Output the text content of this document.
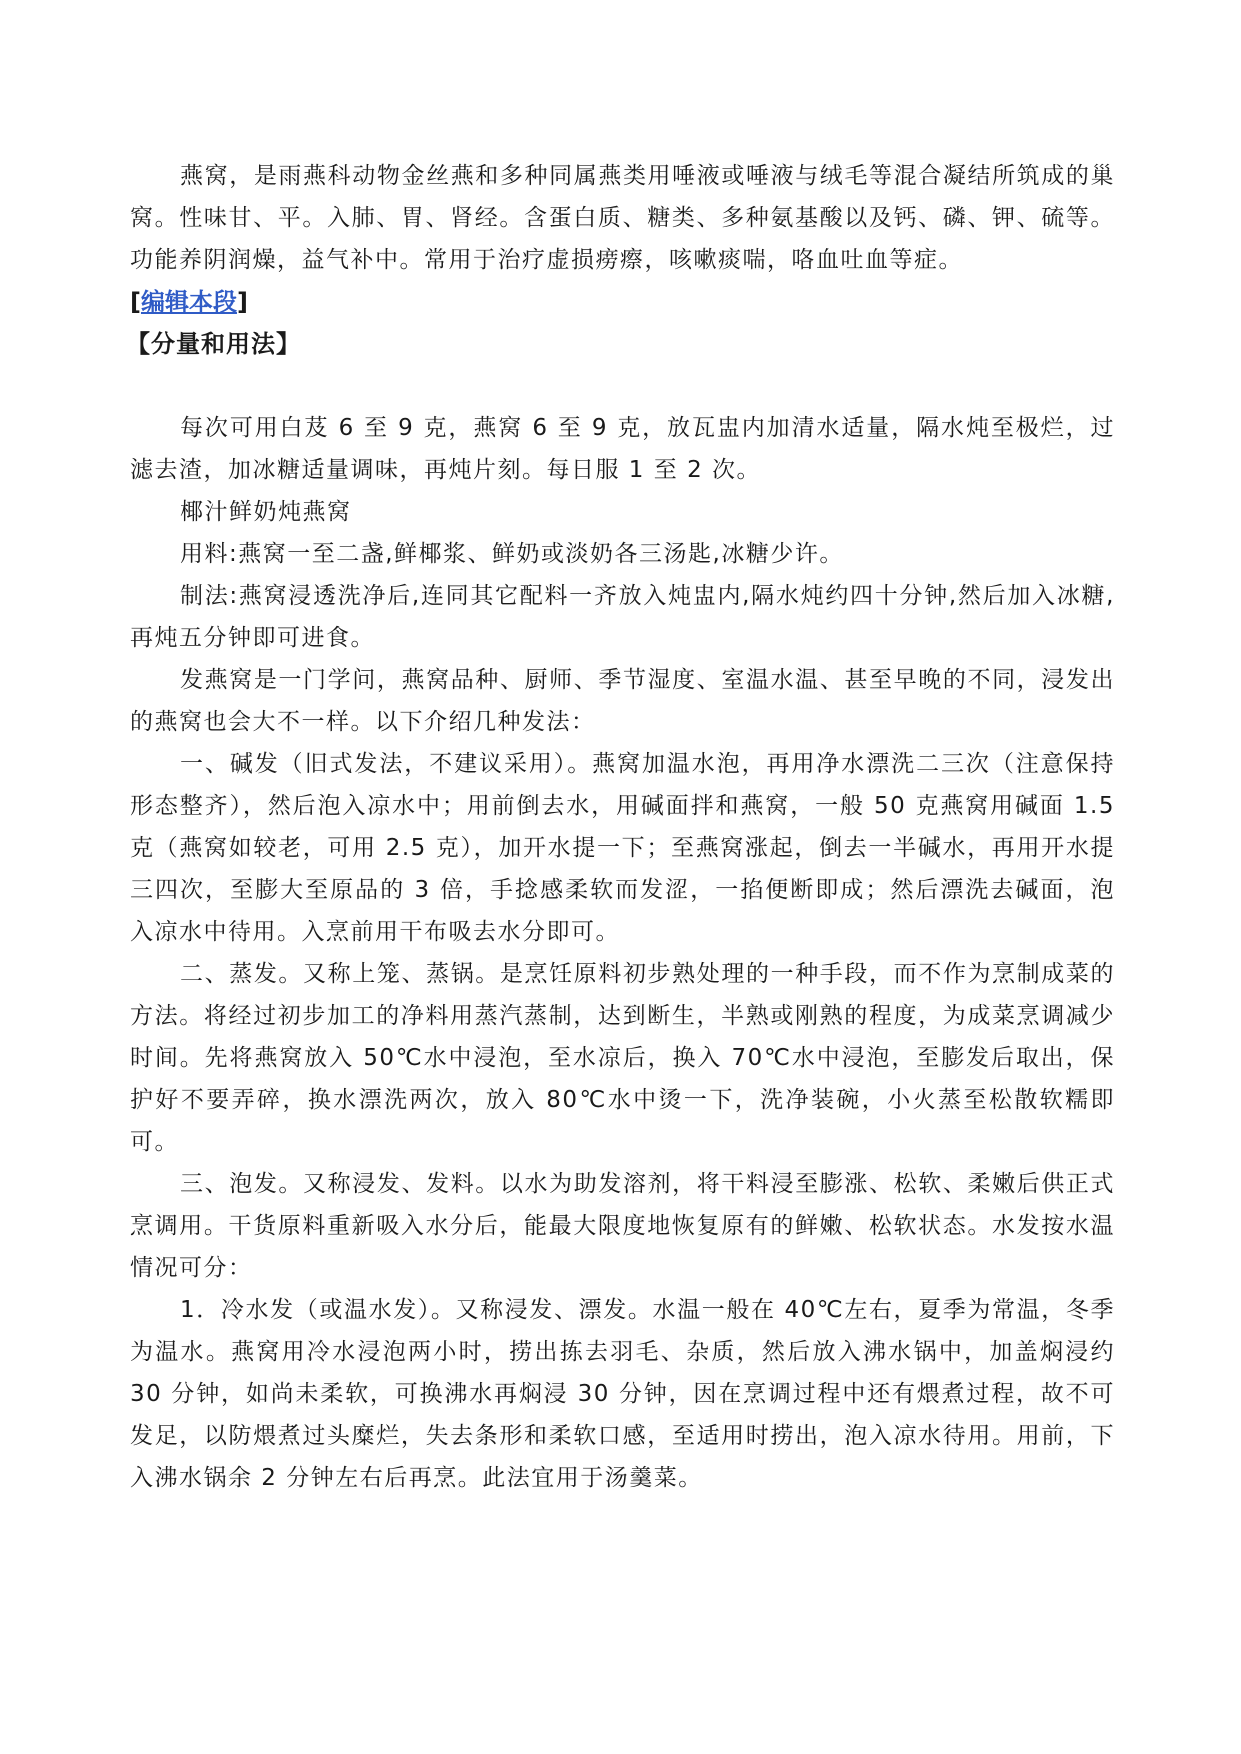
燕窝，是雨燕科动物金丝燕和多种同属燕类用唾液或唾液与绒毛等混合凝结所筑成的巢窝。性味甘、平。入肺、胃、肾经。含蛋白质、糖类、多种氨基酸以及钙、磷、钾、硫等。功能养阴润燥，益气补中。常用于治疗虚损痨瘵，咳嗽痰喘，咯血吐血等症。

[编辑本段]

【分量和用法】

每次可用白芨 6 至 9 克，燕窝 6 至 9 克，放瓦盅内加清水适量，隔水炖至极烂，过滤去渣，加冰糖适量调味，再炖片刻。每日服 1 至 2 次。

椰汁鲜奶炖燕窝

用料:燕窝一至二盏,鲜椰浆、鲜奶或淡奶各三汤匙,冰糖少许。

制法:燕窝浸透洗净后,连同其它配料一齐放入炖盅内,隔水炖约四十分钟,然后加入冰糖,再炖五分钟即可进食。

发燕窝是一门学问，燕窝品种、厨师、季节湿度、室温水温、甚至早晚的不同，浸发出的燕窝也会大不一样。以下介绍几种发法：

一、碱发（旧式发法，不建议采用）。燕窝加温水泡，再用净水漂洗二三次（注意保持形态整齐），然后泡入凉水中；用前倒去水，用碱面拌和燕窝，一般 50 克燕窝用碱面 1.5 克（燕窝如较老，可用 2.5 克），加开水提一下；至燕窝涨起，倒去一半碱水，再用开水提三四次，至膨大至原品的 3 倍，手捻感柔软而发涩，一掐便断即成；然后漂洗去碱面，泡入凉水中待用。入烹前用干布吸去水分即可。

二、蒸发。又称上笼、蒸锅。是烹饪原料初步熟处理的一种手段，而不作为烹制成菜的方法。将经过初步加工的净料用蒸汽蒸制，达到断生，半熟或刚熟的程度，为成菜烹调减少时间。先将燕窝放入 50℃水中浸泡，至水凉后，换入 70℃水中浸泡，至膨发后取出，保护好不要弄碎，换水漂洗两次，放入 80℃水中烫一下，洗净装碗，小火蒸至松散软糯即可。

三、泡发。又称浸发、发料。以水为助发溶剂，将干料浸至膨涨、松软、柔嫩后供正式烹调用。干货原料重新吸入水分后，能最大限度地恢复原有的鲜嫩、松软状态。水发按水温情况可分：

1．冷水发（或温水发）。又称浸发、漂发。水温一般在 40℃左右，夏季为常温，冬季为温水。燕窝用冷水浸泡两小时，捞出拣去羽毛、杂质，然后放入沸水锅中，加盖焖浸约 30 分钟，如尚未柔软，可换沸水再焖浸 30 分钟，因在烹调过程中还有煨煮过程，故不可发足，以防煨煮过头糜烂，失去条形和柔软口感，至适用时捞出，泡入凉水待用。用前，下入沸水锅余 2 分钟左右后再烹。此法宜用于汤羹菜。
